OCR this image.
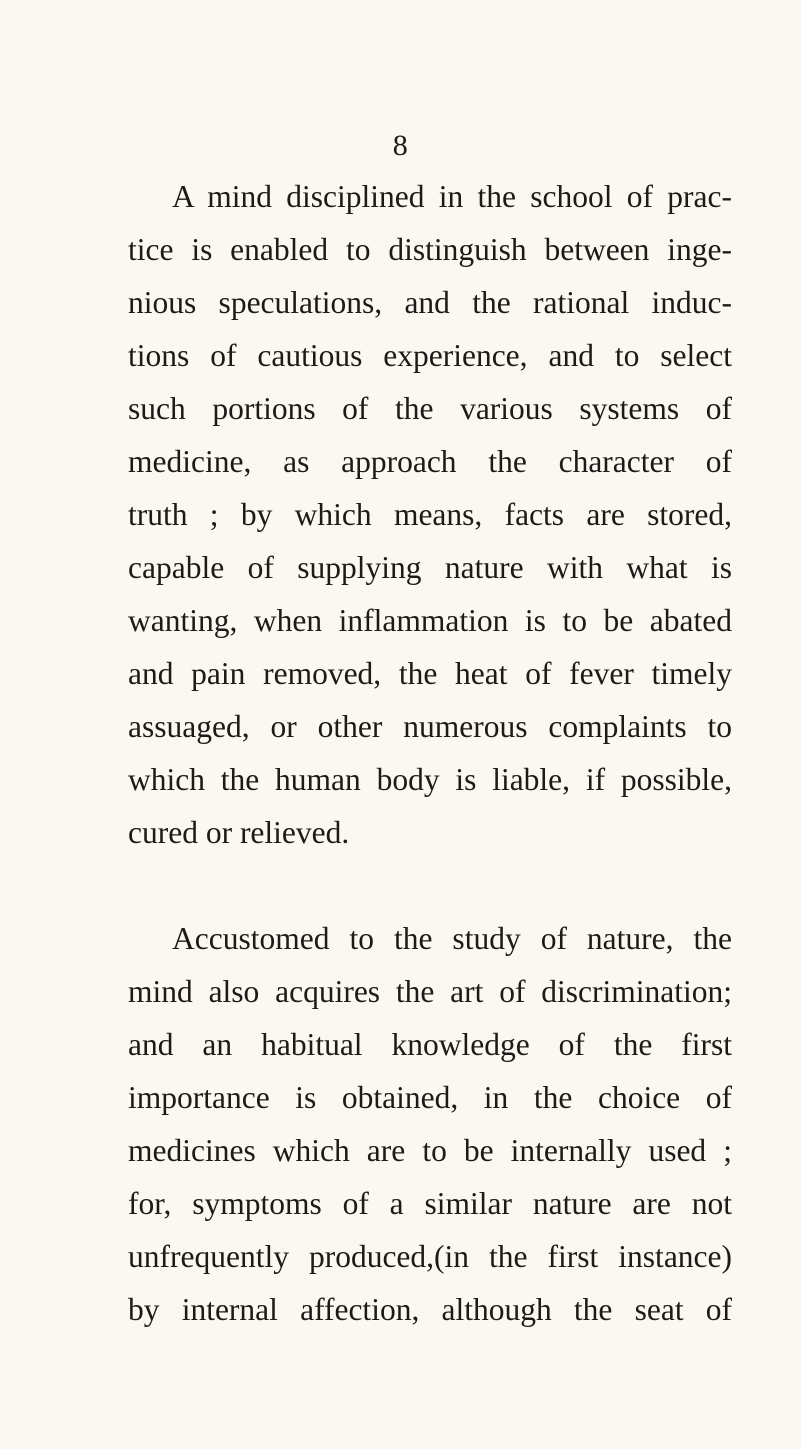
8
A mind disciplined in the school of prac-
tice is enabled to distinguish between inge-
nious speculations, and the rational induc-
tions of cautious experience, and to select
such portions of the various systems of
medicine, as approach the character of
truth ; by which means, facts are stored,
capable of supplying nature with what is
wanting, when inflammation is to be abated
and pain removed, the heat of fever timely
assuaged, or other numerous complaints to
which the human body is liable, if possible,
cured or relieved.
Accustomed to the study of nature, the
mind also acquires the art of discrimination;
and an habitual knowledge of the first
importance is obtained, in the choice of
medicines which are to be internally used ;
for, symptoms of a similar nature are not
unfrequently produced,(in the first instance)
by internal affection, although the seat of
